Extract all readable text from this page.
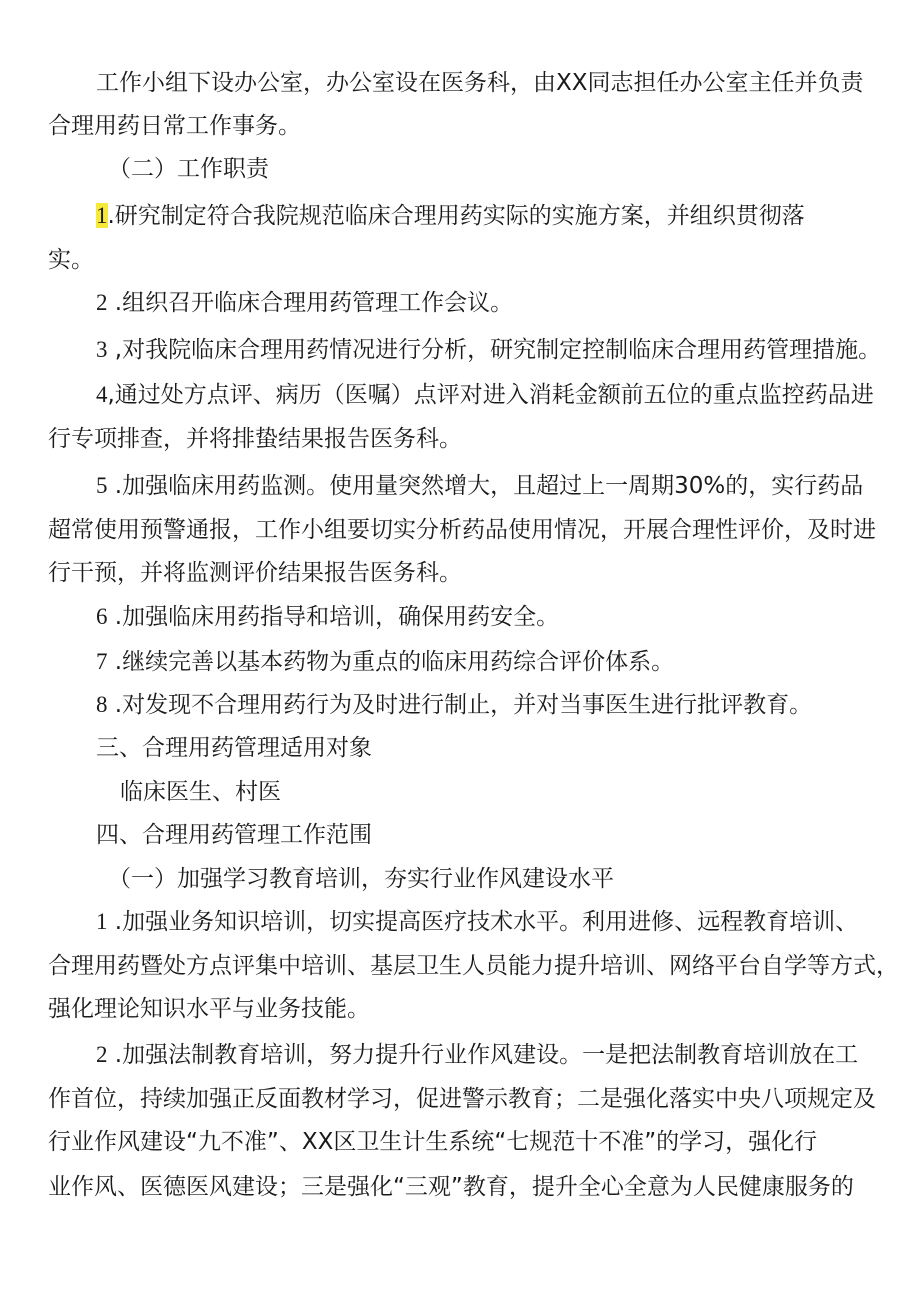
工作小组下设办公室，办公室设在医务科，由XX同志担任办公室主任并负责
合理用药日常工作事务。
（二）工作职责
1.研究制定符合我院规范临床合理用药实际的实施方案，并组织贯彻落
实。
2 .组织召开临床合理用药管理工作会议。
3 ,对我院临床合理用药情况进行分析，研究制定控制临床合理用药管理措施。
4,通过处方点评、病历（医嘱）点评对进入消耗金额前五位的重点监控药品进
行专项排查，并将排蛰结果报告医务科。
5 .加强临床用药监测。使用量突然增大，且超过上一周期30%的，实行药品
超常使用预警通报，工作小组要切实分析药品使用情况，开展合理性评价，及时进
行干预，并将监测评价结果报告医务科。
6 .加强临床用药指导和培训，确保用药安全。
7 .继续完善以基本药物为重点的临床用药综合评价体系。
8 .对发现不合理用药行为及时进行制止，并对当事医生进行批评教育。
三、合理用药管理适用对象
临床医生、村医
四、合理用药管理工作范围
（一）加强学习教育培训，夯实行业作风建设水平
1 .加强业务知识培训，切实提高医疗技术水平。利用进修、远程教育培训、
合理用药暨处方点评集中培训、基层卫生人员能力提升培训、网络平台自学等方式，
强化理论知识水平与业务技能。
2 .加强法制教育培训，努力提升行业作风建设。一是把法制教育培训放在工
作首位，持续加强正反面教材学习，促进警示教育；二是强化落实中央八项规定及
行业作风建设“九不准”、XX区卫生计生系统“七规范十不准”的学习，强化行
业作风、医德医风建设；三是强化“三观”教育，提升全心全意为人民健康服务的
